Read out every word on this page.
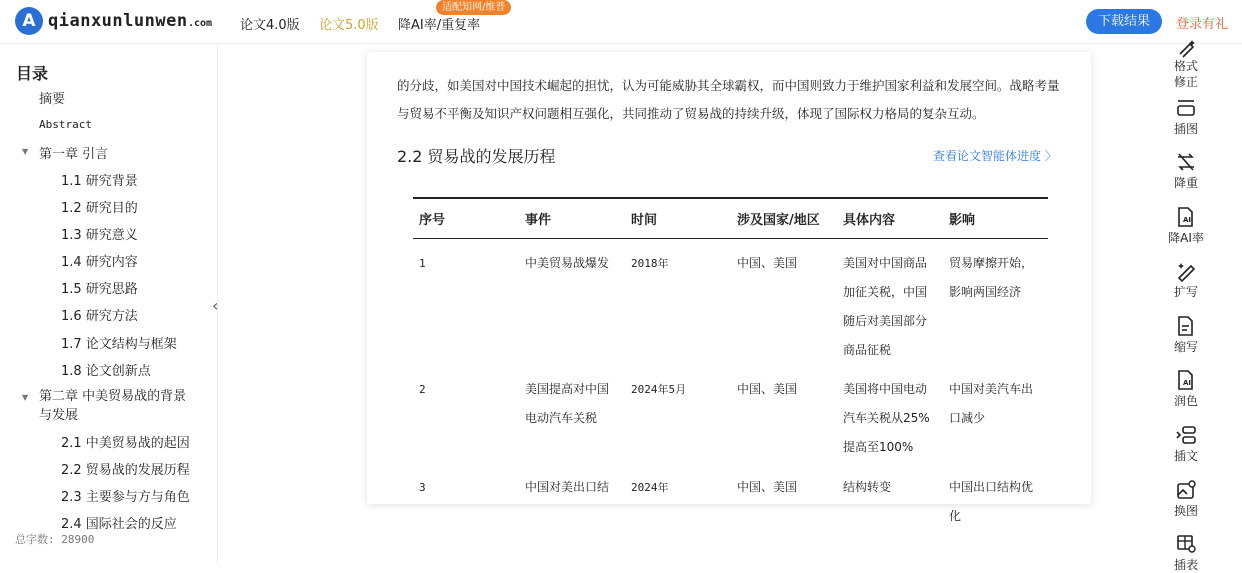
A qianxunlunwen .com 论文4.0版 论文5.0版 降AI率/重复率
适配知网/维普
下载结果	登录有礼
目录
摘要
Abstract
▼ 第一章 引言
1.1 研究背景
1.2 研究目的
1.3 研究意义
1.4 研究内容
1.5 研究思路
1.6 研究方法
1.7 论文结构与框架
1.8 论文创新点
▼ 第二章 中美贸易战的背景与发展
2.1 中美贸易战的起因
2.2 贸易战的发展历程
2.3 主要参与方与角色
2.4 国际社会的反应
总字数: 28900
‹
的分歧，如美国对中国技术崛起的担忧，认为可能威胁其全球霸权，而中国则致力于维护国家利益和发展空间。战略考量与贸易不平衡及知识产权问题相互强化，共同推动了贸易战的持续升级，体现了国际权力格局的复杂互动。
2.2 贸易战的发展历程	查看论文智能体进度 〉
序号	事件	时间	涉及国家/地区	具体内容	影响
1	中美贸易战爆发	2018年	中国、美国	美国对中国商品加征关税，中国随后对美国部分商品征税	贸易摩擦开始，影响两国经济
2	美国提高对中国电动汽车关税	2024年5月	中国、美国	美国将中国电动汽车关税从25%提高至100%	中国对美汽车出口减少
3	中国对美出口结	2024年	中国、美国	结构转变	中国出口结构优化
格式修正
插图
降重
AI
降AI率
扩写
缩写
AI
润色
插文
换图
插表
